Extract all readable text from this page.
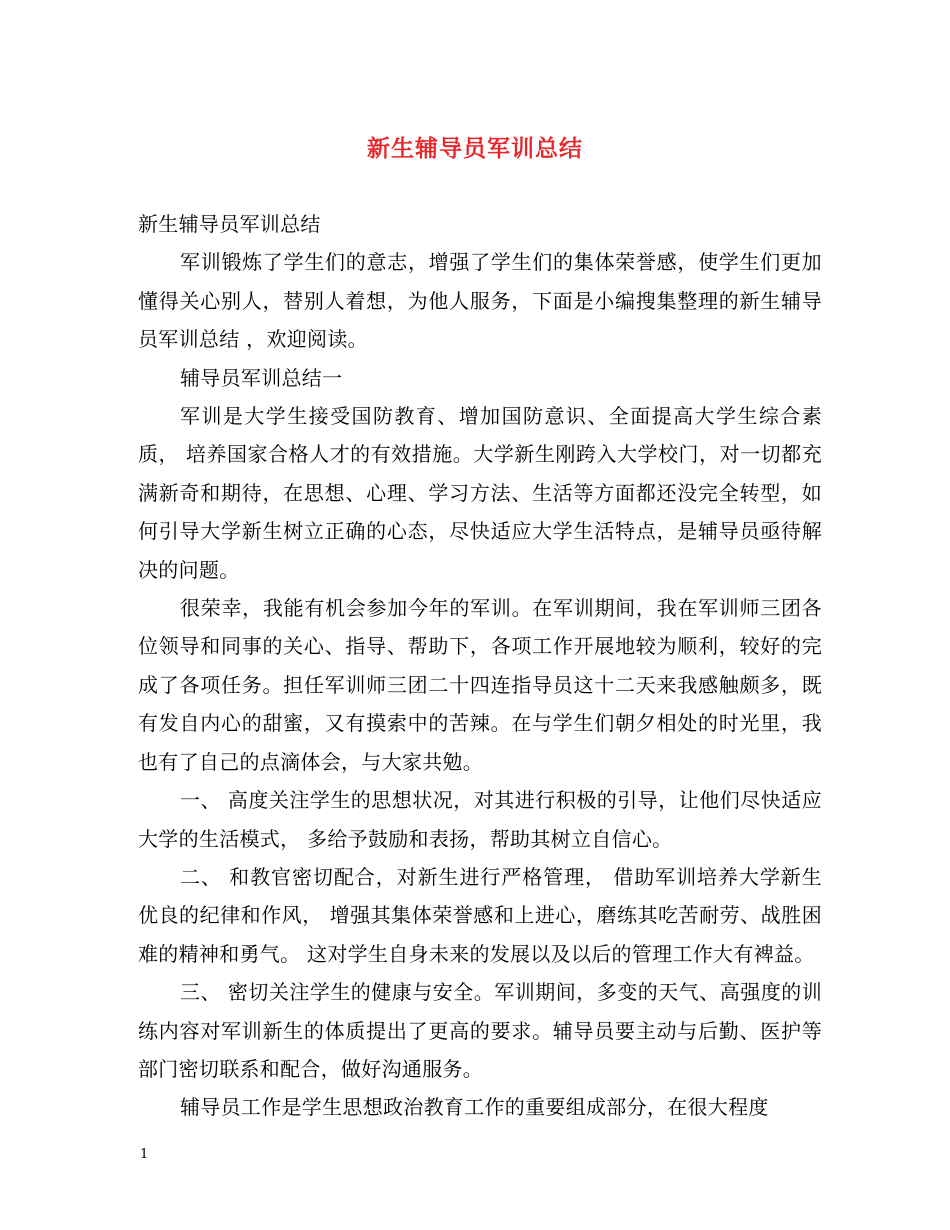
新生辅导员军训总结

新生辅导员军训总结

军训锻炼了学生们的意志，增强了学生们的集体荣誉感，使学生们更加懂得关心别人，替别人着想，为他人服务，下面是小编搜集整理的新生辅导员军训总结 ，欢迎阅读。

辅导员军训总结一

军训是大学生接受国防教育、增加国防意识、全面提高大学生综合素质， 培养国家合格人才的有效措施。大学新生刚跨入大学校门，对一切都充满新奇和期待，在思想、心理、学习方法、生活等方面都还没完全转型，如何引导大学新生树立正确的心态，尽快适应大学生活特点，是辅导员亟待解决的问题。

很荣幸，我能有机会参加今年的军训。在军训期间，我在军训师三团各位领导和同事的关心、指导、帮助下，各项工作开展地较为顺利，较好的完成了各项任务。担任军训师三团二十四连指导员这十二天来我感触颇多，既有发自内心的甜蜜，又有摸索中的苦辣。在与学生们朝夕相处的时光里，我也有了自己的点滴体会，与大家共勉。

一、 高度关注学生的思想状况，对其进行积极的引导，让他们尽快适应大学的生活模式， 多给予鼓励和表扬，帮助其树立自信心。

二、 和教官密切配合，对新生进行严格管理， 借助军训培养大学新生优良的纪律和作风， 增强其集体荣誉感和上进心，磨练其吃苦耐劳、战胜困难的精神和勇气。 这对学生自身未来的发展以及以后的管理工作大有裨益。

三、 密切关注学生的健康与安全。军训期间，多变的天气、高强度的训练内容对军训新生的体质提出了更高的要求。辅导员要主动与后勤、医护等部门密切联系和配合，做好沟通服务。

辅导员工作是学生思想政治教育工作的重要组成部分，在很大程度

1
